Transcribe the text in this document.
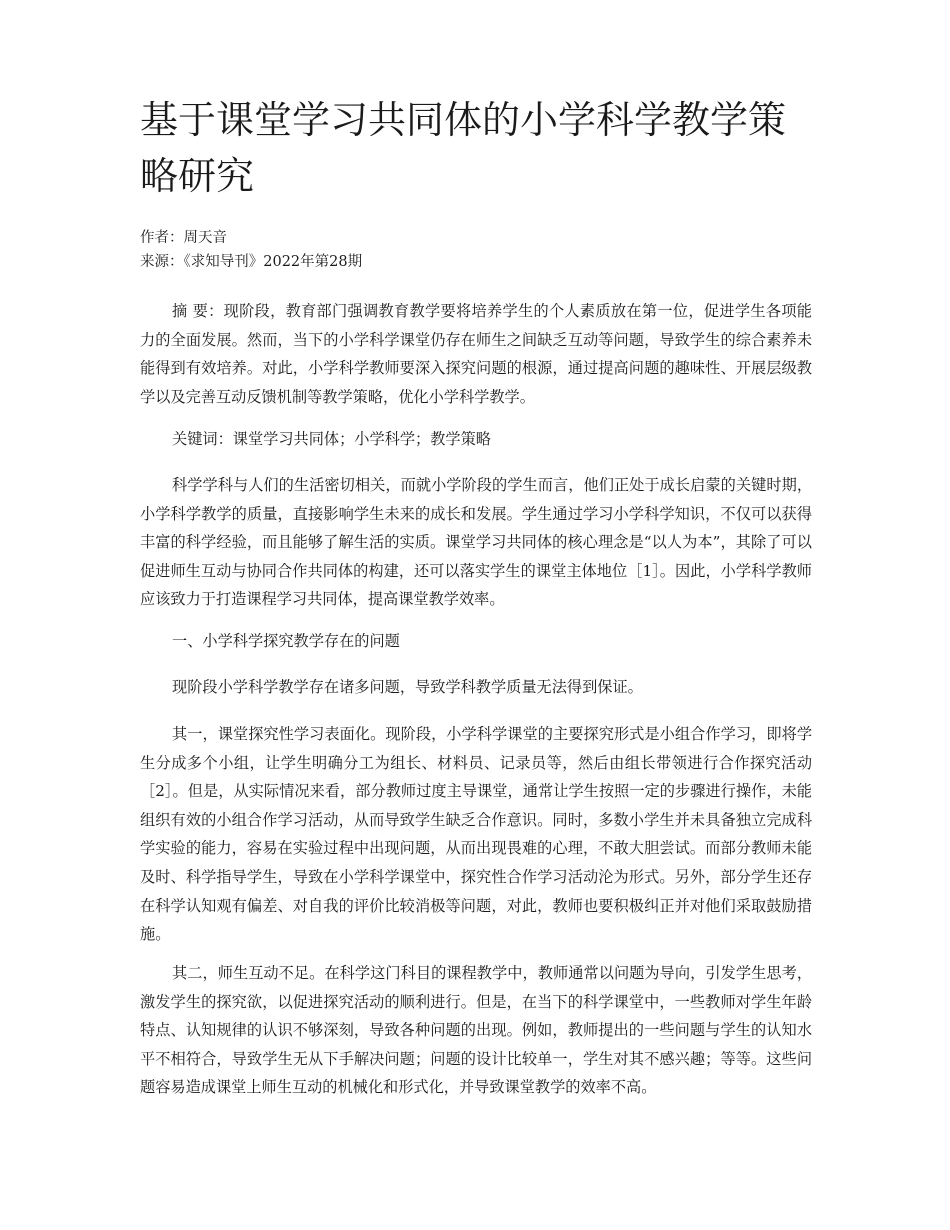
基于课堂学习共同体的小学科学教学策略研究
作者：周天音
来源：《求知导刊》2022年第28期

摘 要：现阶段，教育部门强调教育教学要将培养学生的个人素质放在第一位，促进学生各项能力的全面发展。然而，当下的小学科学课堂仍存在师生之间缺乏互动等问题，导致学生的综合素养未能得到有效培养。对此，小学科学教师要深入探究问题的根源，通过提高问题的趣味性、开展层级教学以及完善互动反馈机制等教学策略，优化小学科学教学。

关键词：课堂学习共同体；小学科学；教学策略

科学学科与人们的生活密切相关，而就小学阶段的学生而言，他们正处于成长启蒙的关键时期，小学科学教学的质量，直接影响学生未来的成长和发展。学生通过学习小学科学知识，不仅可以获得丰富的科学经验，而且能够了解生活的实质。课堂学习共同体的核心理念是“以人为本”，其除了可以促进师生互动与协同合作共同体的构建，还可以落实学生的课堂主体地位［1］。因此，小学科学教师应该致力于打造课程学习共同体，提高课堂教学效率。

一、小学科学探究教学存在的问题

现阶段小学科学教学存在诸多问题，导致学科教学质量无法得到保证。

其一，课堂探究性学习表面化。现阶段，小学科学课堂的主要探究形式是小组合作学习，即将学生分成多个小组，让学生明确分工为组长、材料员、记录员等，然后由组长带领进行合作探究活动［2］。但是，从实际情况来看，部分教师过度主导课堂，通常让学生按照一定的步骤进行操作，未能组织有效的小组合作学习活动，从而导致学生缺乏合作意识。同时，多数小学生并未具备独立完成科学实验的能力，容易在实验过程中出现问题，从而出现畏难的心理，不敢大胆尝试。而部分教师未能及时、科学指导学生，导致在小学科学课堂中，探究性合作学习活动沦为形式。另外，部分学生还存在科学认知观有偏差、对自我的评价比较消极等问题，对此，教师也要积极纠正并对他们采取鼓励措施。

其二，师生互动不足。在科学这门科目的课程教学中，教师通常以问题为导向，引发学生思考，激发学生的探究欲，以促进探究活动的顺利进行。但是，在当下的科学课堂中，一些教师对学生年龄特点、认知规律的认识不够深刻，导致各种问题的出现。例如，教师提出的一些问题与学生的认知水平不相符合，导致学生无从下手解决问题；问题的设计比较单一，学生对其不感兴趣；等等。这些问题容易造成课堂上师生互动的机械化和形式化，并导致课堂教学的效率不高。
